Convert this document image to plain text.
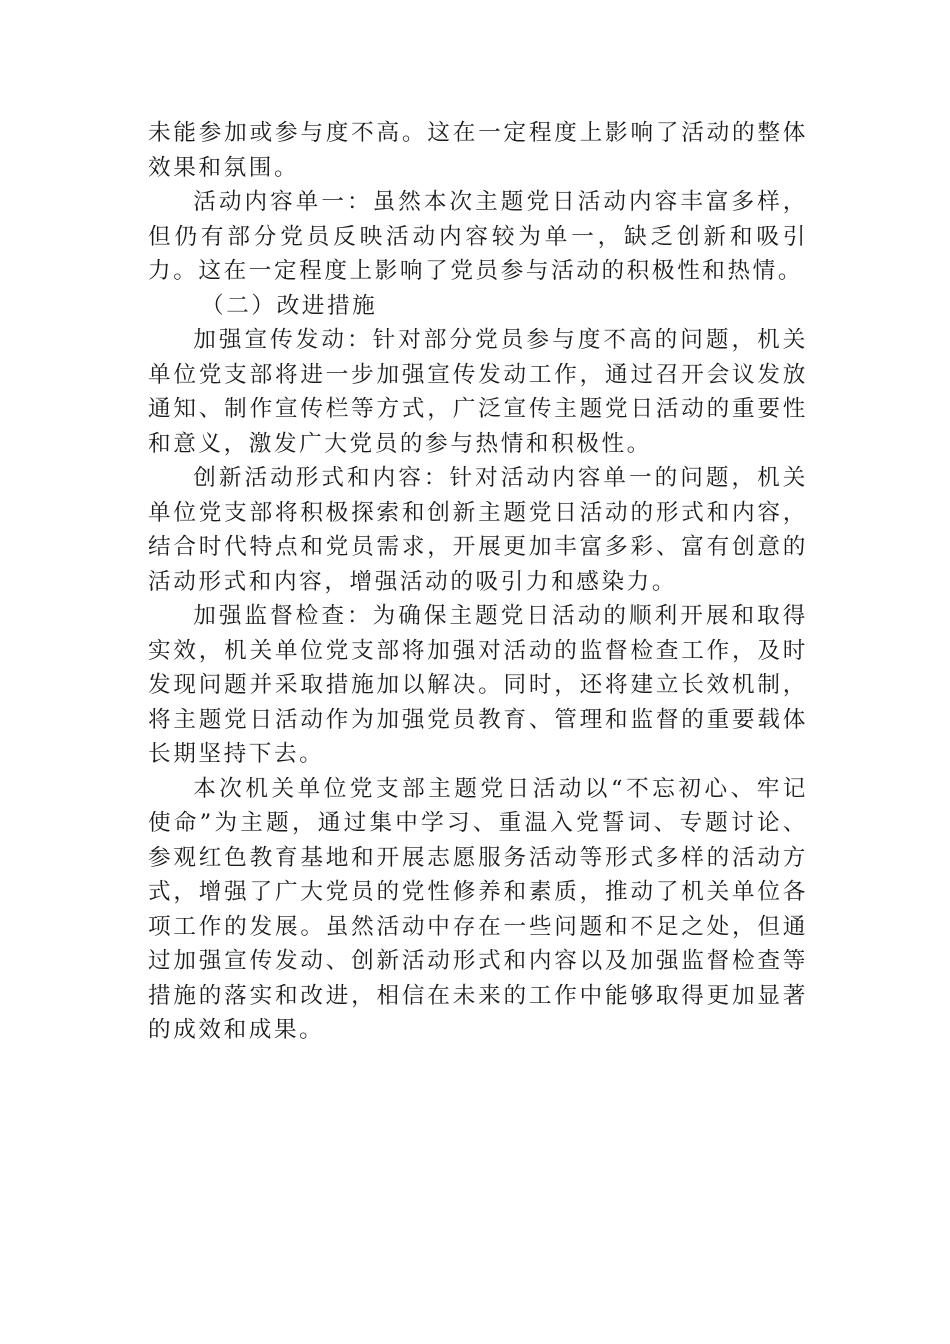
未能参加或参与度不高。这在一定程度上影响了活动的整体效果和氛围。

活动内容单一：虽然本次主题党日活动内容丰富多样，但仍有部分党员反映活动内容较为单一，缺乏创新和吸引力。这在一定程度上影响了党员参与活动的积极性和热情。

（二）改进措施

加强宣传发动：针对部分党员参与度不高的问题，机关单位党支部将进一步加强宣传发动工作，通过召开会议发放通知、制作宣传栏等方式，广泛宣传主题党日活动的重要性和意义，激发广大党员的参与热情和积极性。

创新活动形式和内容：针对活动内容单一的问题，机关单位党支部将积极探索和创新主题党日活动的形式和内容，结合时代特点和党员需求，开展更加丰富多彩、富有创意的活动形式和内容，增强活动的吸引力和感染力。

加强监督检查：为确保主题党日活动的顺利开展和取得实效，机关单位党支部将加强对活动的监督检查工作，及时发现问题并采取措施加以解决。同时，还将建立长效机制，将主题党日活动作为加强党员教育、管理和监督的重要载体长期坚持下去。

本次机关单位党支部主题党日活动以“不忘初心、牢记使命”为主题，通过集中学习、重温入党誓词、专题讨论、参观红色教育基地和开展志愿服务活动等形式多样的活动方式，增强了广大党员的党性修养和素质，推动了机关单位各项工作的发展。虽然活动中存在一些问题和不足之处，但通过加强宣传发动、创新活动形式和内容以及加强监督检查等措施的落实和改进，相信在未来的工作中能够取得更加显著的成效和成果。
